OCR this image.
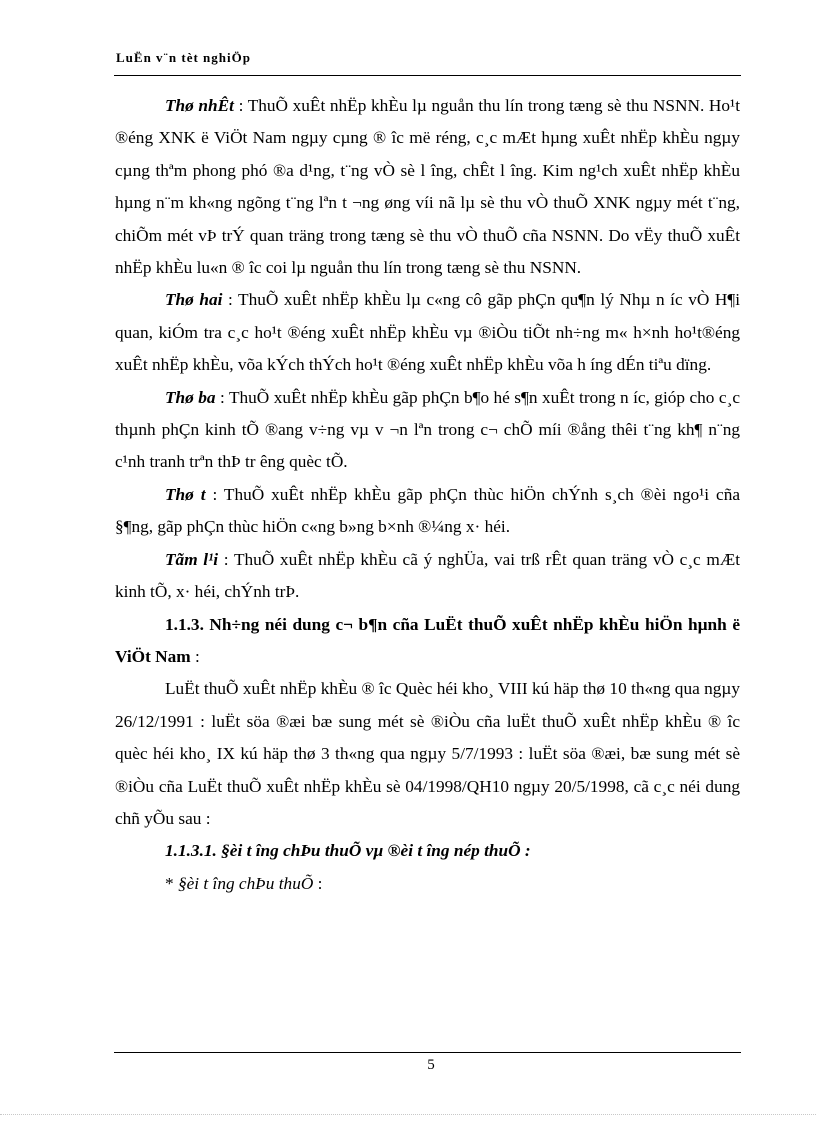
LuËn v¨n tèt nghiÖp

Thø nhÊt : ThuÕ xuÊt nhËp khÈu lµ nguån thu lín trong tæng sè thu NSNN. Ho¹t ®éng XNK ë ViÖt Nam ngµy cµng ® îc më réng, c¸c mÆt hµng xuÊt nhËp khÈu ngµy cµng thªm phong phó ®a d¹ng, t¨ng vÒ sè l îng, chÊt l îng. Kim ng¹ch xuÊt nhËp khÈu hµng n¨m kh«ng ngõng t¨ng lªn t ¬ng øng víi nã lµ sè thu vÒ thuÕ XNK ngµy mét t¨ng, chiÕm mét vÞ trÝ quan träng trong tæng sè thu vÒ thuÕ cña NSNN. Do vËy thuÕ xuÊt nhËp khÈu lu«n ® îc coi lµ nguån thu lín trong tæng sè thu NSNN.

Thø hai : ThuÕ xuÊt nhËp khÈu lµ c«ng cô gãp phÇn qu¶n lý Nhµ n íc vÒ H¶i quan, kiÓm tra c¸c ho¹t ®éng xuÊt nhËp khÈu vµ ®iÒu tiÕt nh÷ng m« h×nh ho¹t®éng xuÊt nhËp khÈu, võa kÝch thÝch ho¹t ®éng xuÊt nhËp khÈu võa h íng dÉn tiªu dïng.

Thø ba : ThuÕ xuÊt nhËp khÈu gãp phÇn b¶o hé s¶n xuÊt trong n íc, gióp cho c¸c thµnh phÇn kinh tÕ ®ang v÷ng vµ v ¬n lªn trong c¬ chÕ míi ®ång thêi t¨ng kh¶ n¨ng c¹nh tranh trªn thÞ tr êng quèc tÕ.

Thø t : ThuÕ xuÊt nhËp khÈu gãp phÇn thùc hiÖn chÝnh s¸ch ®èi ngo¹i cña §¶ng, gãp phÇn thùc hiÖn c«ng b»ng b×nh ®¼ng x· héi.

Tãm l¹i : ThuÕ xuÊt nhËp khÈu cã ý nghÜa, vai trß rÊt quan träng vÒ c¸c mÆt kinh tÕ, x· héi, chÝnh trÞ.

1.1.3. Nh÷ng néi dung c¬ b¶n cña LuËt thuÕ xuÊt nhËp khÈu hiÖn hµnh ë ViÖt Nam :

LuËt thuÕ xuÊt nhËp khÈu ® îc Quèc héi kho¸ VIII kú häp thø 10 th«ng qua ngµy 26/12/1991 : luËt söa ®æi bæ sung mét sè ®iÒu cña luËt thuÕ xuÊt nhËp khÈu ® îc quèc héi kho¸ IX kú häp thø 3 th«ng qua ngµy 5/7/1993 : luËt söa ®æi, bæ sung mét sè ®iÒu cña LuËt thuÕ xuÊt nhËp khÈu sè 04/1998/QH10 ngµy 20/5/1998, cã c¸c néi dung chñ yÕu sau :

1.1.3.1. §èi t îng chÞu thuÕ vµ ®èi t îng nép thuÕ :

* §èi t îng chÞu thuÕ :

5
